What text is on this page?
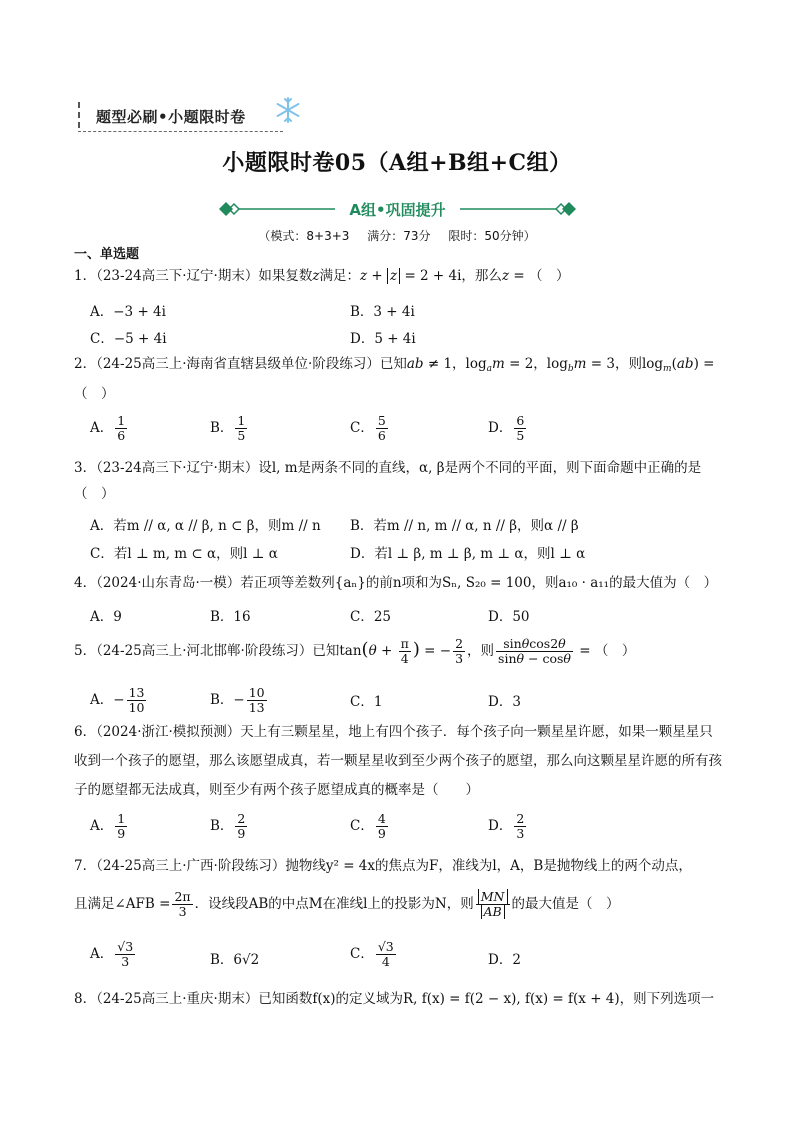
题型必刷•小题限时卷
小题限时卷05（A组+B组+C组）
A组•巩固提升
（模式：8+3+3　 满分：73分　 限时：50分钟）
一、单选题
1．（23-24高三下·辽宁·期末）如果复数z满足：z + z = 2 + 4i，那么z = （　）
A．−3 + 4i	B．3 + 4i
C．−5 + 4i	D．5 + 4i
2．（24-25高三上·海南省直辖县级单位·阶段练习）已知ab ≠ 1，$\log_am = 2$，$\log_bm = 3$，则$\log_m(ab)$ =
（　）
A． $\frac{1}{6}$	B． $\frac{1}{5}$	C． $\frac{5}{6}$	D． $\frac{6}{5}$
3．（23-24高三下·辽宁·期末）设l, m是两条不同的直线，α, β是两个不同的平面，则下面命题中正确的是
（　）
A．若m // α, α // β, n ⊂ β，则m // n B．若m // n, m // α, n // β，则α // β
C．若l ⊥ m, m ⊂ α，则l ⊥ α	D．若l ⊥ β, m ⊥ β, m ⊥ α，则l ⊥ α
4．（2024·山东青岛·一模）若正项等差数列{aₙ}的前n项和为Sₙ, S₂₀ = 100，则a₁₀ · a₁₁的最大值为（　）
A．9	B．16	C．25	D．50
5．（24-25高三上·河北邯郸·阶段练习）已知$\tan(\theta + \frac{\pi}{4}$ ) = − $\frac{2}{3}$ ，则 $\frac{\sin\theta\cos 2\theta}{\sin\theta - \cos\theta}$ = （　）
A．− $\frac{13}{10}$	B．− $\frac{10}{13}$	C．1	D．3
6．（2024·浙江·模拟预测）天上有三颗星星，地上有四个孩子．每个孩子向一颗星星许愿，如果一颗星星只收到一个孩子的愿望，那么该愿望成真，若一颗星星收到至少两个孩子的愿望，那么向这颗星星许愿的所有孩子的愿望都无法成真，则至少有两个孩子愿望成真的概率是（　　）
A． $\frac{1}{9}$	B． $\frac{2}{9}$	C． $\frac{4}{9}$	D． $\frac{2}{3}$
7．（24-25高三上·广西·阶段练习）抛物线y² = 4x的焦点为F，准线为l，A，B是抛物线上的两个动点，
且满足∠AFB = $\frac{2\pi}{3}$ ．设线段AB的中点M在准线l上的投影为N，则 $\frac{MN}{AB}$ 的最大值是（　）
A． $\frac{√3}{3}$	B．6√2	C． $\frac{√3}{4}$	D．2
8．（24-25高三上·重庆·期末）已知函数f(x)的定义域为R, f(x) = f(2 − x), f(x) = f(x + 4)，则下列选项一
